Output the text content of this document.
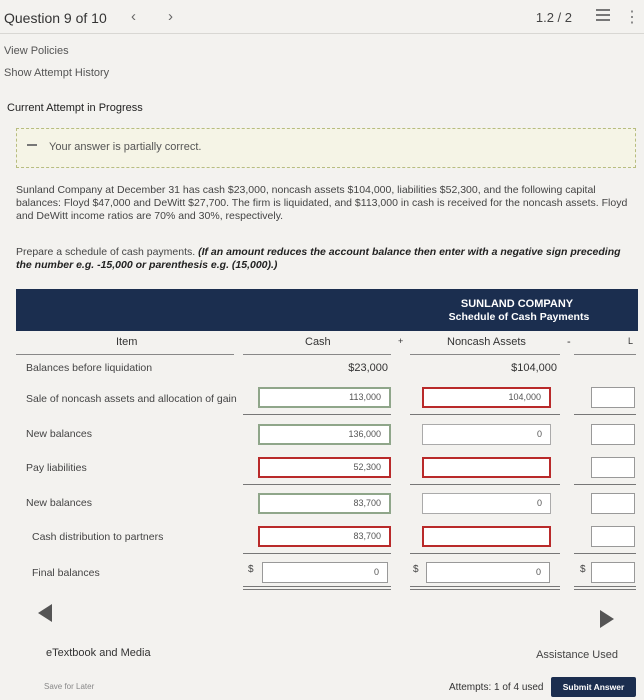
Question 9 of 10 ‹ ›	1.2 / 2	⋮
View Policies
Show Attempt History
Current Attempt in Progress
Your answer is partially correct.
Sunland Company at December 31 has cash $23,000, noncash assets $104,000, liabilities $52,300, and the following capital balances: Floyd $47,000 and DeWitt $27,700. The firm is liquidated, and $113,000 in cash is received for the noncash assets. Floyd and DeWitt income ratios are 70% and 30%, respectively.
Prepare a schedule of cash payments. (If an amount reduces the account balance then enter with a negative sign preceding the number e.g. -15,000 or parenthesis e.g. (15,000).)
SUNLAND COMPANY
Schedule of Cash Payments
Item	Cash	+	Noncash Assets	-	L
Balances before liquidation	$23,000	$104,000
Sale of noncash assets and allocation of gain	113,000	104,000
New balances	136,000	0
Pay liabilities	52,300
New balances	83,700	0
Cash distribution to partners	83,700
Final balances	$	0	$	0	$
eTextbook and Media	Assistance Used
Save for Later	Attempts: 1 of 4 used	Submit Answer
